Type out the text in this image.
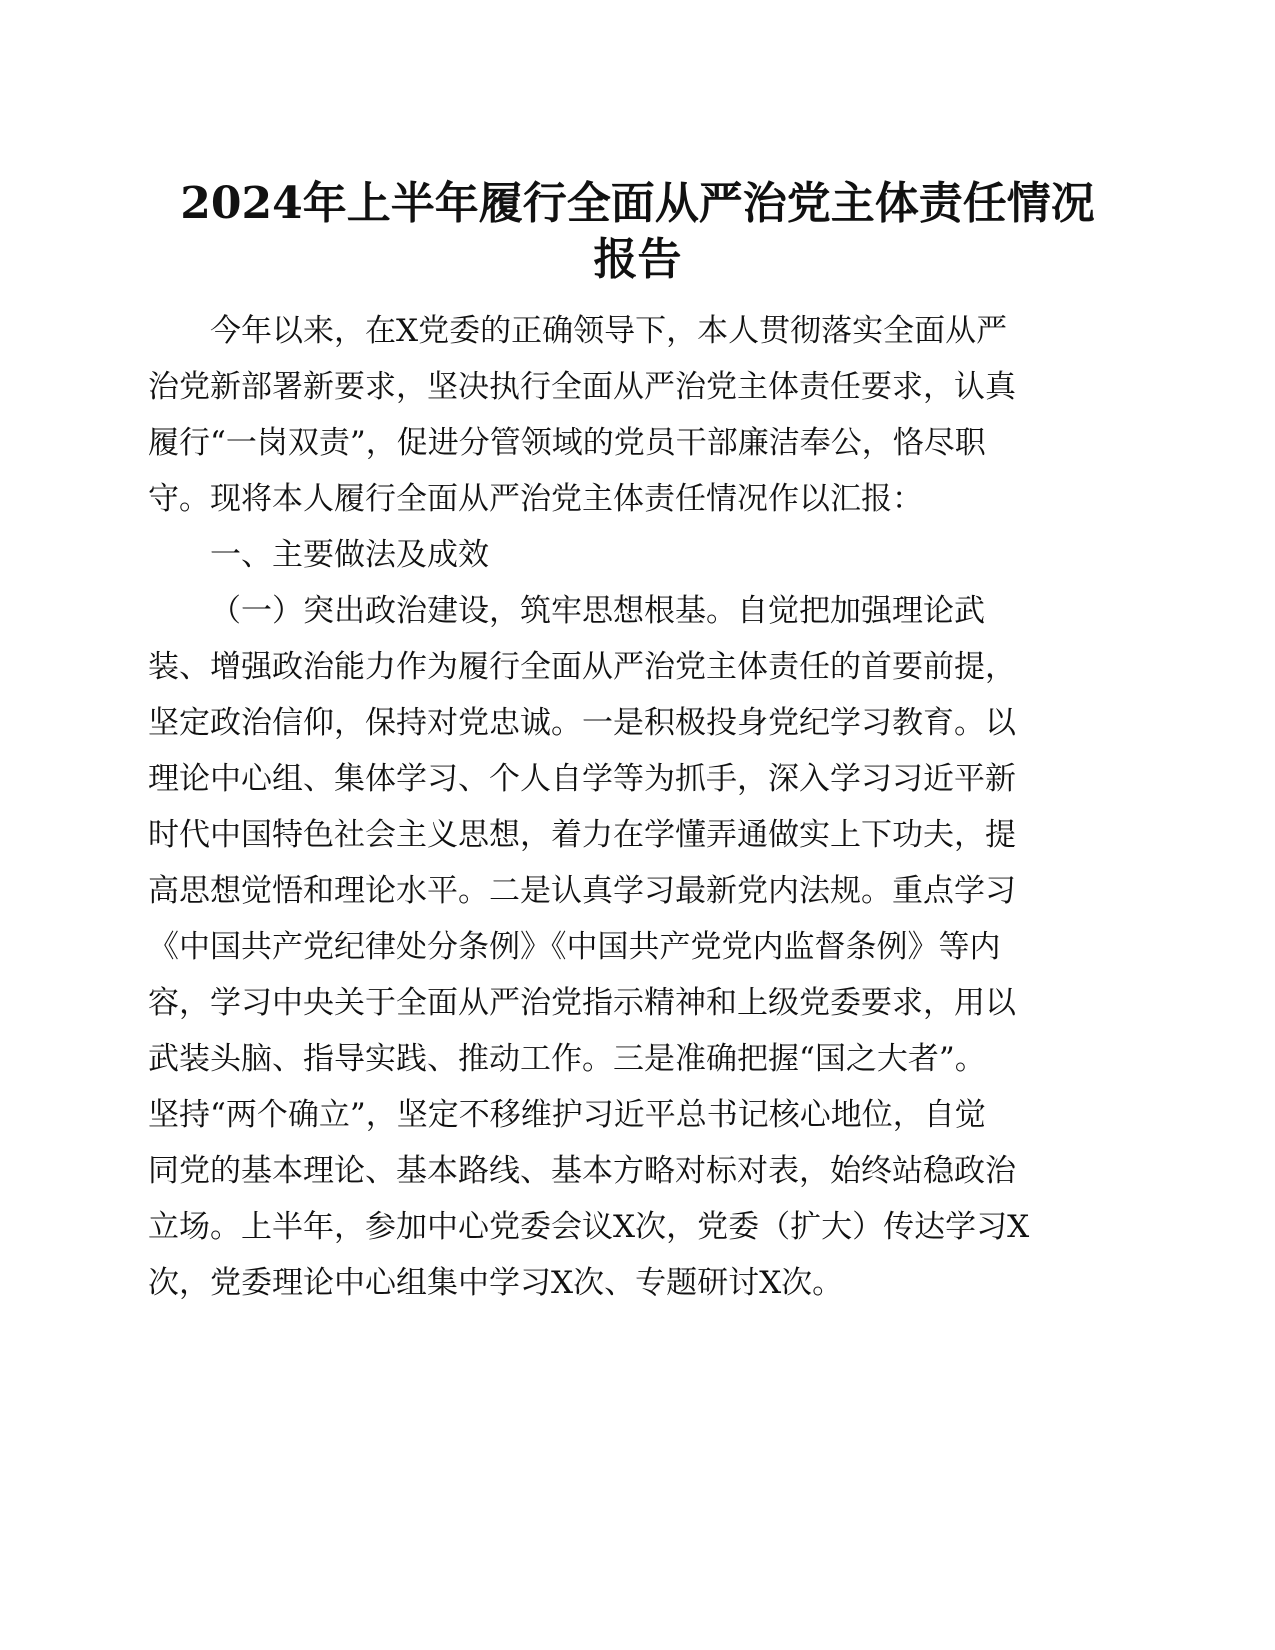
2024年上半年履行全面从严治党主体责任情况
报告

今年以来，在X党委的正确领导下，本人贯彻落实全面从严

治党新部署新要求，坚决执行全面从严治党主体责任要求，认真

履行“一岗双责”，促进分管领域的党员干部廉洁奉公，恪尽职

守。现将本人履行全面从严治党主体责任情况作以汇报：

一、主要做法及成效

（一）突出政治建设，筑牢思想根基。自觉把加强理论武

装、增强政治能力作为履行全面从严治党主体责任的首要前提，

坚定政治信仰，保持对党忠诚。一是积极投身党纪学习教育。以

理论中心组、集体学习、个人自学等为抓手，深入学习习近平新

时代中国特色社会主义思想，着力在学懂弄通做实上下功夫，提

高思想觉悟和理论水平。二是认真学习最新党内法规。重点学习

《中国共产党纪律处分条例》《中国共产党党内监督条例》等内

容，学习中央关于全面从严治党指示精神和上级党委要求，用以

武装头脑、指导实践、推动工作。三是准确把握“国之大者”。

坚持“两个确立”，坚定不移维护习近平总书记核心地位，自觉

同党的基本理论、基本路线、基本方略对标对表，始终站稳政治

立场。上半年，参加中心党委会议X次，党委（扩大）传达学习X

次，党委理论中心组集中学习X次、专题研讨X次。
